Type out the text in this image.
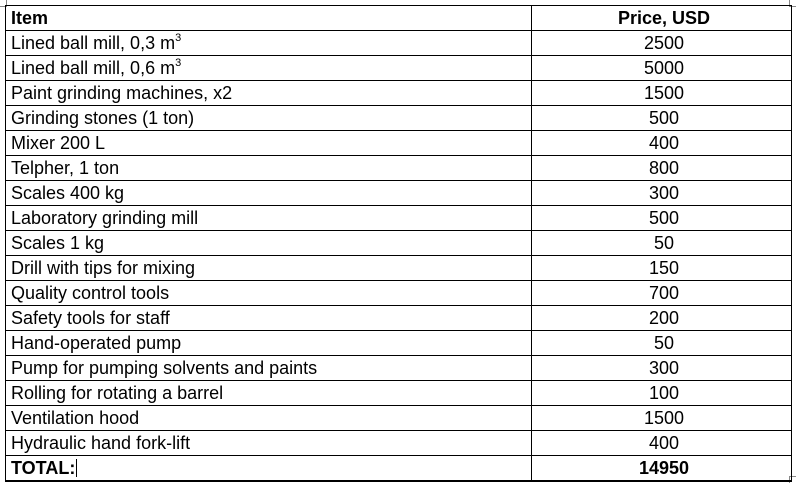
Item	Price, USD
Lined ball mill, 0,3 $m^3$	2500
Lined ball mill, 0,6 $m^3$	5000
Paint grinding machines, x2	1500
Grinding stones (1 ton)	500
Mixer 200 L	400
Telpher, 1 ton	800
Scales 400 kg	300
Laboratory grinding mill	500
Scales 1 kg	50
Drill with tips for mixing	150
Quality control tools	700
Safety tools for staff	200
Hand-operated pump	50
Pump for pumping solvents and paints	300
Rolling for rotating a barrel	100
Ventilation hood	1500
Hydraulic hand fork-lift	400
TOTAL:	14950
